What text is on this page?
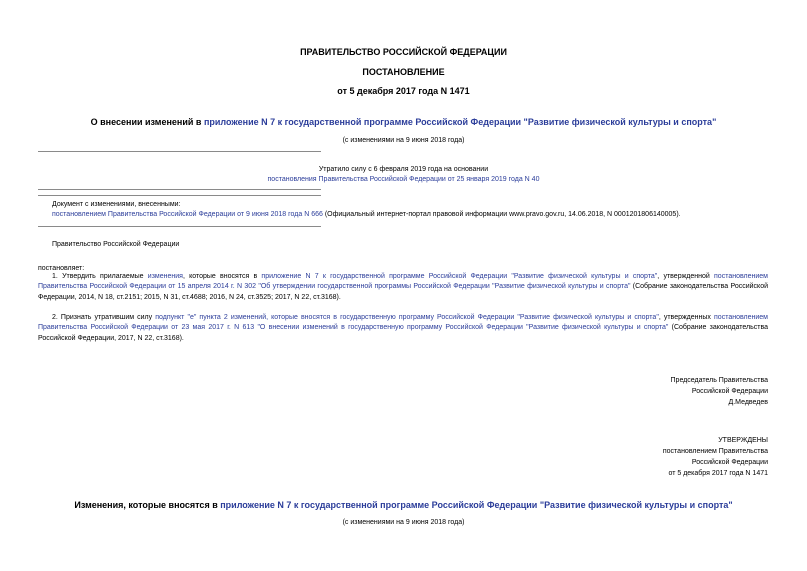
ПРАВИТЕЛЬСТВО РОССИЙСКОЙ ФЕДЕРАЦИИ
ПОСТАНОВЛЕНИЕ
от 5 декабря 2017 года N 1471
О внесении изменений в приложение N 7 к государственной программе Российской Федерации "Развитие физической культуры и спорта"
(с изменениями на 9 июня 2018 года)
Утратило силу с 6 февраля 2019 года на основании
постановления Правительства Российской Федерации от 25 января 2019 года N 40
Документ с изменениями, внесенными:
постановлением Правительства Российской Федерации от 9 июня 2018 года N 666 (Официальный интернет-портал правовой информации www.pravo.gov.ru, 14.06.2018, N 0001201806140005).
Правительство Российской Федерации
постановляет:
1. Утвердить прилагаемые изменения, которые вносятся в приложение N 7 к государственной программе Российской Федерации "Развитие физической культуры и спорта", утвержденной постановлением Правительства Российской Федерации от 15 апреля 2014 г. N 302 "Об утверждении государственной программы Российской Федерации "Развитие физической культуры и спорта" (Собрание законодательства Российской Федерации, 2014, N 18, ст.2151; 2015, N 31, ст.4688; 2016, N 24, ст.3525; 2017, N 22, ст.3168).
2. Признать утратившим силу подпункт "е" пункта 2 изменений, которые вносятся в государственную программу Российской Федерации "Развитие физической культуры и спорта", утвержденных постановлением Правительства Российской Федерации от 23 мая 2017 г. N 613 "О внесении изменений в государственную программу Российской Федерации "Развитие физической культуры и спорта" (Собрание законодательства Российской Федерации, 2017, N 22, ст.3168).
Председатель Правительства
Российской Федерации
Д.Медведев
УТВЕРЖДЕНЫ
постановлением Правительства
Российской Федерации
от 5 декабря 2017 года N 1471
Изменения, которые вносятся в приложение N 7 к государственной программе Российской Федерации "Развитие физической культуры и спорта"
(с изменениями на 9 июня 2018 года)
